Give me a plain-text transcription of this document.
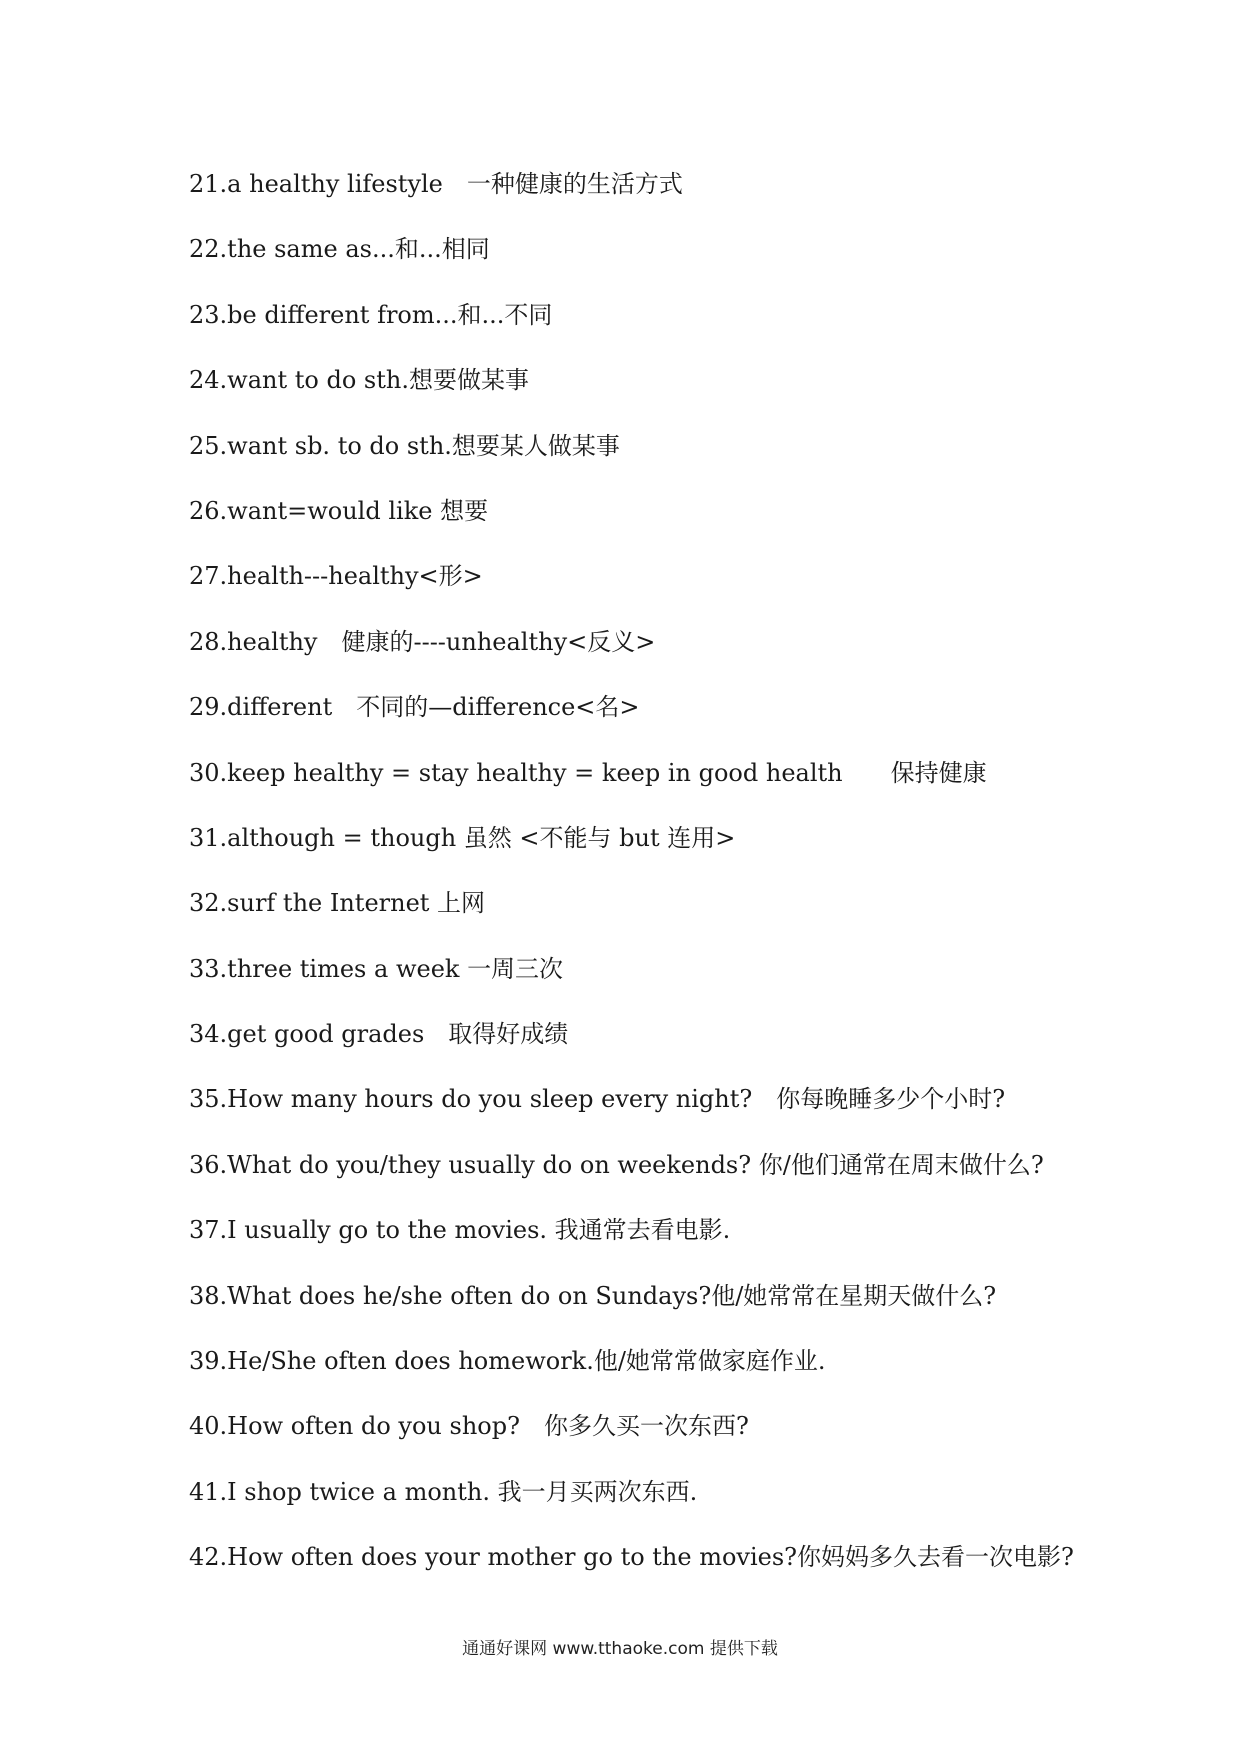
21.a healthy lifestyle　一种健康的生活方式
22.the same as...和...相同
23.be different from...和...不同
24.want to do sth.想要做某事
25.want sb. to do sth.想要某人做某事
26.want=would like 想要
27.health---healthy<形>
28.healthy　健康的----unhealthy<反义>
29.different　不同的—difference<名>
30.keep healthy = stay healthy = keep in good health　　保持健康
31.although = though 虽然 <不能与 but 连用>
32.surf the Internet 上网
33.three times a week 一周三次
34.get good grades　取得好成绩
35.How many hours do you sleep every night?　你每晚睡多少个小时?
36.What do you/they usually do on weekends? 你/他们通常在周末做什么?
37.I usually go to the movies. 我通常去看电影.
38.What does he/she often do on Sundays?他/她常常在星期天做什么?
39.He/She often does homework.他/她常常做家庭作业.
40.How often do you shop?　你多久买一次东西?
41.I shop twice a month. 我一月买两次东西.
42.How often does your mother go to the movies?你妈妈多久去看一次电影?
通通好课网 www.tthaoke.com 提供下载
